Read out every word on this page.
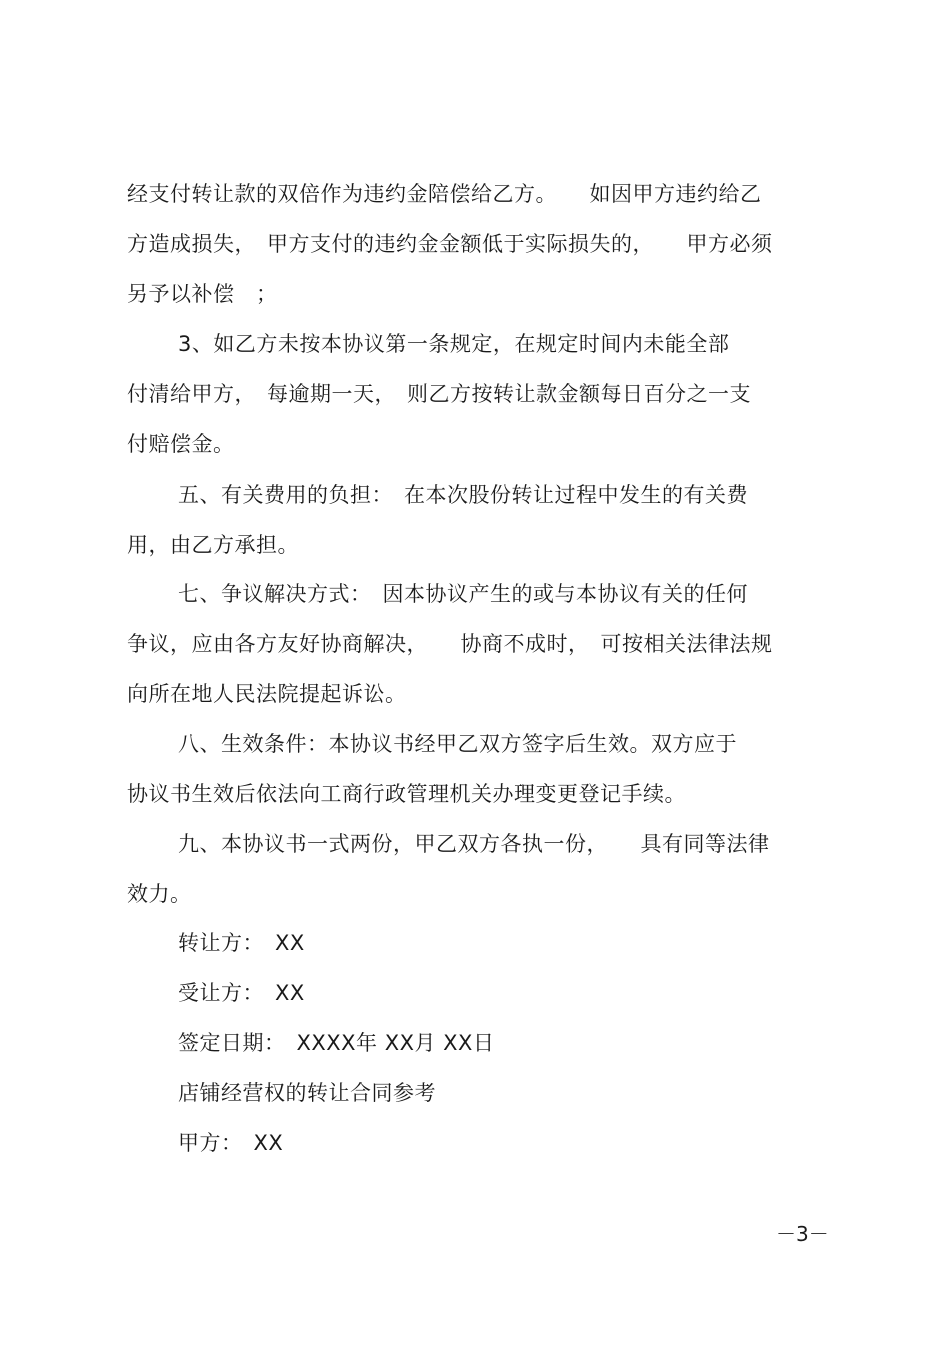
经支付转让款的双倍作为违约金陪偿给乙方。　　如因甲方违约给乙
方造成损失，　甲方支付的违约金金额低于实际损失的，　　甲方必须
另予以补偿　；
3、如乙方未按本协议第一条规定，在规定时间内未能全部
付清给甲方，　每逾期一天，　则乙方按转让款金额每日百分之一支
付赔偿金。
五、有关费用的负担：　在本次股份转让过程中发生的有关费
用，由乙方承担。
七、争议解决方式：　因本协议产生的或与本协议有关的任何
争议，应由各方友好协商解决，　　协商不成时，　可按相关法律法规
向所在地人民法院提起诉讼。
八、生效条件：本协议书经甲乙双方签字后生效。双方应于
协议书生效后依法向工商行政管理机关办理变更登记手续。
九、本协议书一式两份，甲乙双方各执一份，　　具有同等法律
效力。
转让方：　XX
受让方：　XX
签定日期：　XXXX年 XX月 XX日
店铺经营权的转让合同参考
甲方：　XX
－3－
